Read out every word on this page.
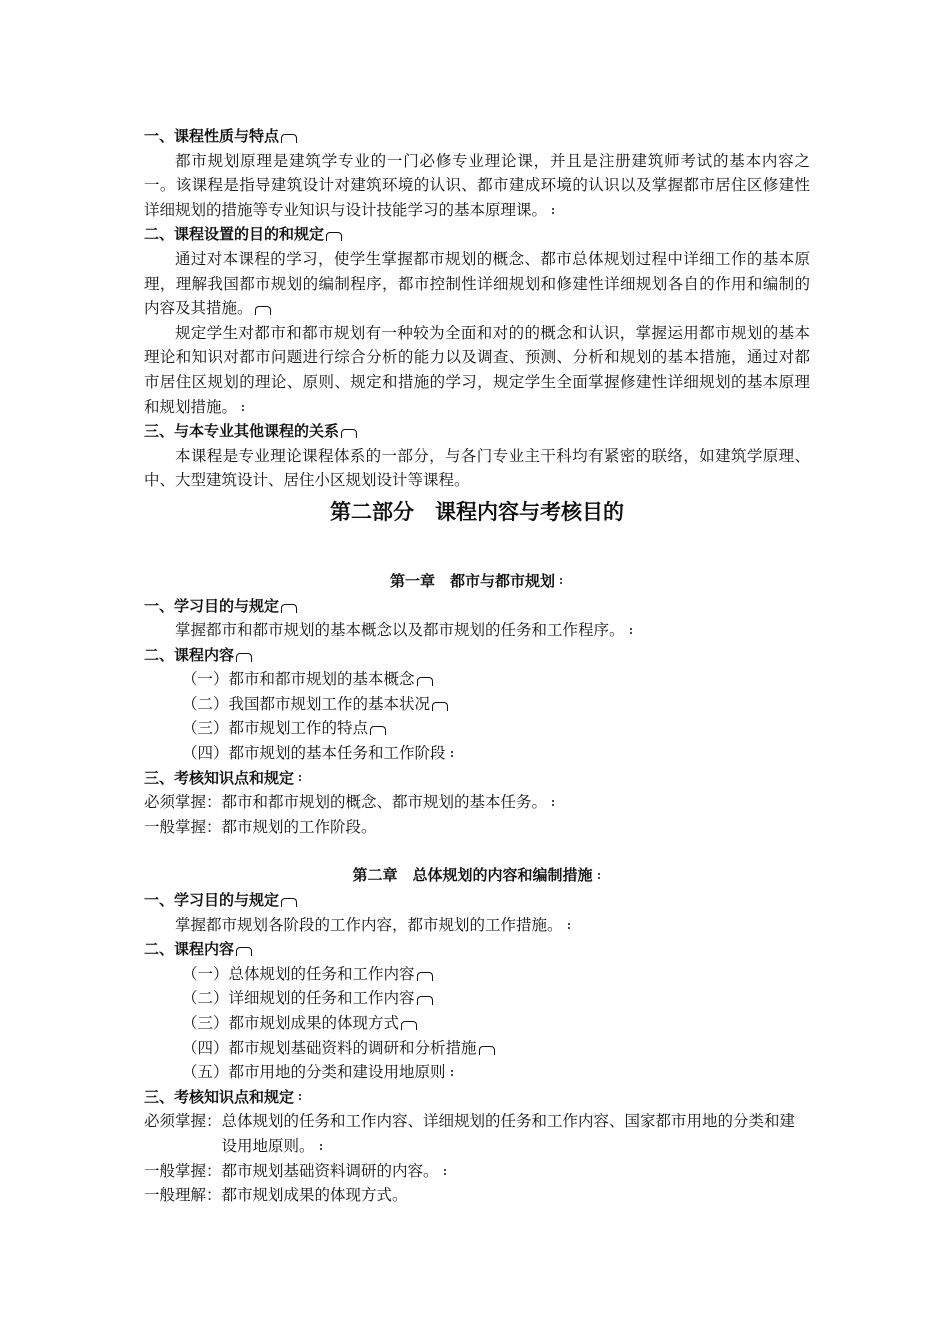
一、课程性质与特点
都市规划原理是建筑学专业的一门必修专业理论课，并且是注册建筑师考试的基本内容之一。该课程是指导建筑设计对建筑环境的认识、都市建成环境的认识以及掌握都市居住区修建性详细规划的措施等专业知识与设计技能学习的基本原理课。
二、课程设置的目的和规定
通过对本课程的学习，使学生掌握都市规划的概念、都市总体规划过程中详细工作的基本原理，理解我国都市规划的编制程序，都市控制性详细规划和修建性详细规划各自的作用和编制的内容及其措施。
规定学生对都市和都市规划有一种较为全面和对的的概念和认识，掌握运用都市规划的基本理论和知识对都市问题进行综合分析的能力以及调查、预测、分析和规划的基本措施，通过对都市居住区规划的理论、原则、规定和措施的学习，规定学生全面掌握修建性详细规划的基本原理和规划措施。
三、与本专业其他课程的关系
本课程是专业理论课程体系的一部分，与各门专业主干科均有紧密的联络，如建筑学原理、中、大型建筑设计、居住小区规划设计等课程。
第二部分　课程内容与考核目的
第一章　都市与都市规划
一、学习目的与规定
掌握都市和都市规划的基本概念以及都市规划的任务和工作程序。
二、课程内容
（一）都市和都市规划的基本概念
（二）我国都市规划工作的基本状况
（三）都市规划工作的特点
（四）都市规划的基本任务和工作阶段
三、考核知识点和规定
必须掌握： 都市和都市规划的概念、都市规划的基本任务。
一般掌握： 都市规划的工作阶段。
第二章　总体规划的内容和编制措施
一、学习目的与规定
掌握都市规划各阶段的工作内容，都市规划的工作措施。
二、课程内容
（一）总体规划的任务和工作内容
（二）详细规划的任务和工作内容
（三）都市规划成果的体现方式
（四）都市规划基础资料的调研和分析措施
（五）都市用地的分类和建设用地原则
三、考核知识点和规定
必须掌握： 总体规划的任务和工作内容、详细规划的任务和工作内容、国家都市用地的分类和建设用地原则。
一般掌握： 都市规划基础资料调研的内容。
一般理解： 都市规划成果的体现方式。
